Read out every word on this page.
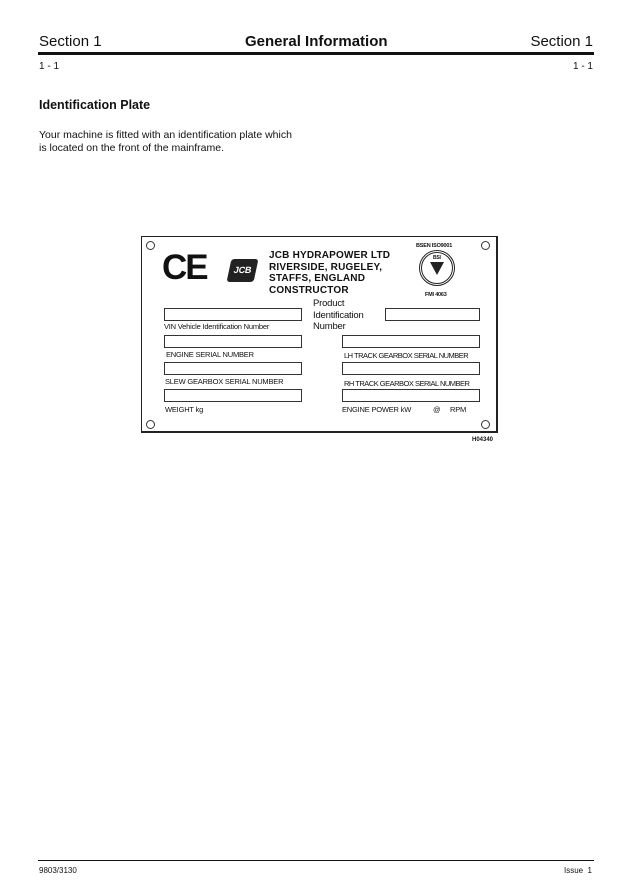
Section 1	General Information	Section 1
1 - 1	1 - 1
Identification Plate
Your machine is fitted with an identification plate which
is located on the front of the mainframe.
CE	JCB
JCB HYDRAPOWER LTD
RIVERSIDE, RUGELEY,
STAFFS, ENGLAND
CONSTRUCTOR
BSEN ISO9001
BSI
FMI 4063
Product
Identification
Number
VIN Vehicle Identification Number
ENGINE SERIAL NUMBER	LH TRACK GEARBOX SERIAL NUMBER
SLEW GEARBOX SERIAL NUMBER	RH TRACK GEARBOX SERIAL NUMBER
WEIGHT kg	ENGINE POWER kW	@ RPM
H04340
9803/3130	Issue  1
